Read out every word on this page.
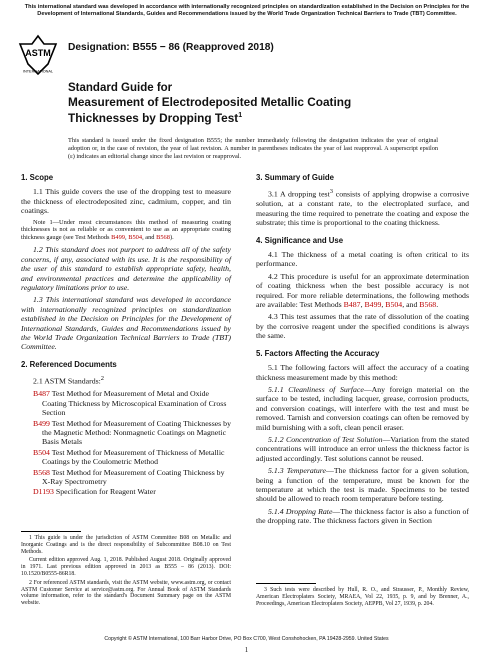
This international standard was developed in accordance with internationally recognized principles on standardization established in the Decision on Principles for the Development of International Standards, Guides and Recommendations issued by the World Trade Organization Technical Barriers to Trade (TBT) Committee.
ASTM
INTERNATIONAL
Designation: B555 − 86 (Reapproved 2018)
Standard Guide for
Measurement of Electrodeposited Metallic Coating
Thicknesses by Dropping Test$^1$
This standard is issued under the fixed designation B555; the number immediately following the designation indicates the year of original adoption or, in the case of revision, the year of last revision. A number in parentheses indicates the year of last reapproval. A superscript epsilon (ε) indicates an editorial change since the last revision or reapproval.
1. Scope

1.1 This guide covers the use of the dropping test to measure the thickness of electrodeposited zinc, cadmium, copper, and tin coatings.

Note 1—Under most circumstances this method of measuring coating thicknesses is not as reliable or as convenient to use as an appropriate coating thickness gauge (see Test Methods B499, B504, and B568).

1.2 This standard does not purport to address all of the safety concerns, if any, associated with its use. It is the responsibility of the user of this standard to establish appropriate safety, health, and environmental practices and determine the applicability of regulatory limitations prior to use.

1.3 This international standard was developed in accordance with internationally recognized principles on standardization established in the Decision on Principles for the Development of International Standards, Guides and Recommendations issued by the World Trade Organization Technical Barriers to Trade (TBT) Committee.

2. Referenced Documents

2.1 ASTM Standards:$^2$

B487 Test Method for Measurement of Metal and Oxide Coating Thickness by Microscopical Examination of Cross Section
B499 Test Method for Measurement of Coating Thicknesses by the Magnetic Method: Nonmagnetic Coatings on Magnetic Basis Metals
B504 Test Method for Measurement of Thickness of Metallic Coatings by the Coulometric Method
B568 Test Method for Measurement of Coating Thickness by X-Ray Spectrometry
D1193 Specification for Reagent Water
3. Summary of Guide

3.1 A dropping test$^3$ consists of applying dropwise a corrosive solution, at a constant rate, to the electroplated surface, and measuring the time required to penetrate the coating and expose the substrate; this time is proportional to the coating thickness.

4. Significance and Use

4.1 The thickness of a metal coating is often critical to its performance.

4.2 This procedure is useful for an approximate determination of coating thickness when the best possible accuracy is not required. For more reliable determinations, the following methods are available: Test Methods B487, B499, B504, and B568.

4.3 This test assumes that the rate of dissolution of the coating by the corrosive reagent under the specified conditions is always the same.

5. Factors Affecting the Accuracy

5.1 The following factors will affect the accuracy of a coating thickness measurement made by this method:

5.1.1 Cleanliness of Surface—Any foreign material on the surface to be tested, including lacquer, grease, corrosion products, and conversion coatings, will interfere with the test and must be removed. Tarnish and conversion coatings can often be removed by mild burnishing with a soft, clean pencil eraser.

5.1.2 Concentration of Test Solution—Variation from the stated concentrations will introduce an error unless the thickness factor is adjusted accordingly. Test solutions cannot be reused.

5.1.3 Temperature—The thickness factor for a given solution, being a function of the temperature, must be known for the temperature at which the test is made. Specimens to be tested should be allowed to reach room temperature before testing.

5.1.4 Dropping Rate—The thickness factor is also a function of the dropping rate. The thickness factors given in Section

1 This guide is under the jurisdiction of ASTM Committee B08 on Metallic and Inorganic Coatings and is the direct responsibility of Subcommittee B08.10 on Test Methods.

Current edition approved Aug. 1, 2018. Published August 2018. Originally approved in 1971. Last previous edition approved in 2013 as B555 – 86 (2013). DOI: 10.1520/B0555-86R18.

2 For referenced ASTM standards, visit the ASTM website, www.astm.org, or contact ASTM Customer Service at service@astm.org. For Annual Book of ASTM Standards volume information, refer to the standard's Document Summary page on the ASTM website.

3 Such tests were described by Hull, R. O., and Strausser, P., Monthly Review, American Electroplaters Society, MRAEA, Vol 22, 1935, p. 9, and by Brenner, A., Proceedings, American Electroplaters Society, AEPPB, Vol 27, 1939, p. 204.

Copyright © ASTM International, 100 Barr Harbor Drive, PO Box C700, West Conshohocken, PA 19428-2959. United States
1
